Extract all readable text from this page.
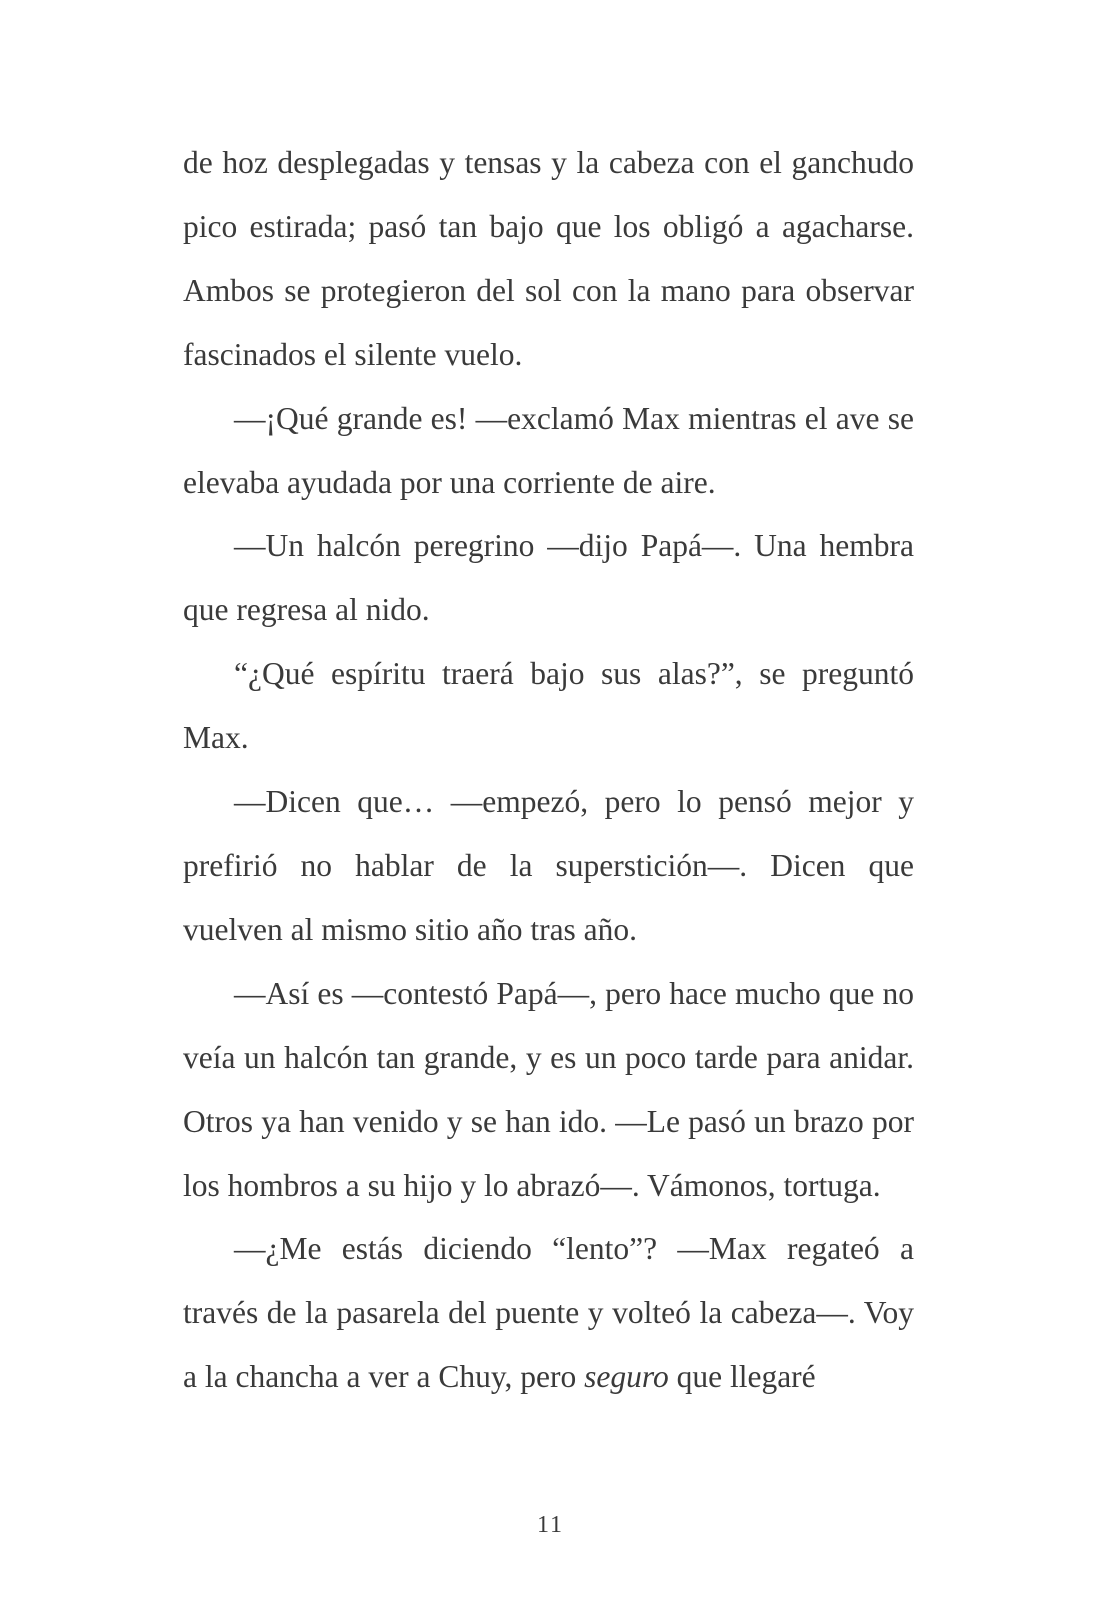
de hoz desplegadas y tensas y la cabeza con el ganchudo pico estirada; pasó tan bajo que los obligó a agacharse. Ambos se protegieron del sol con la mano para observar fascinados el silente vuelo.

—¡Qué grande es! —exclamó Max mientras el ave se elevaba ayudada por una corriente de aire.

—Un halcón peregrino —dijo Papá—. Una hembra que regresa al nido.

“¿Qué espíritu traerá bajo sus alas?”, se preguntó Max.

—Dicen que… —empezó, pero lo pensó mejor y prefirió no hablar de la superstición—. Dicen que vuelven al mismo sitio año tras año.

—Así es —contestó Papá—, pero hace mucho que no veía un halcón tan grande, y es un poco tarde para anidar. Otros ya han venido y se han ido. —Le pasó un brazo por los hombros a su hijo y lo abrazó—. Vámonos, tortuga.

—¿Me estás diciendo “lento”? —Max regateó a través de la pasarela del puente y volteó la cabeza—. Voy a la chancha a ver a Chuy, pero seguro que llegaré

11
